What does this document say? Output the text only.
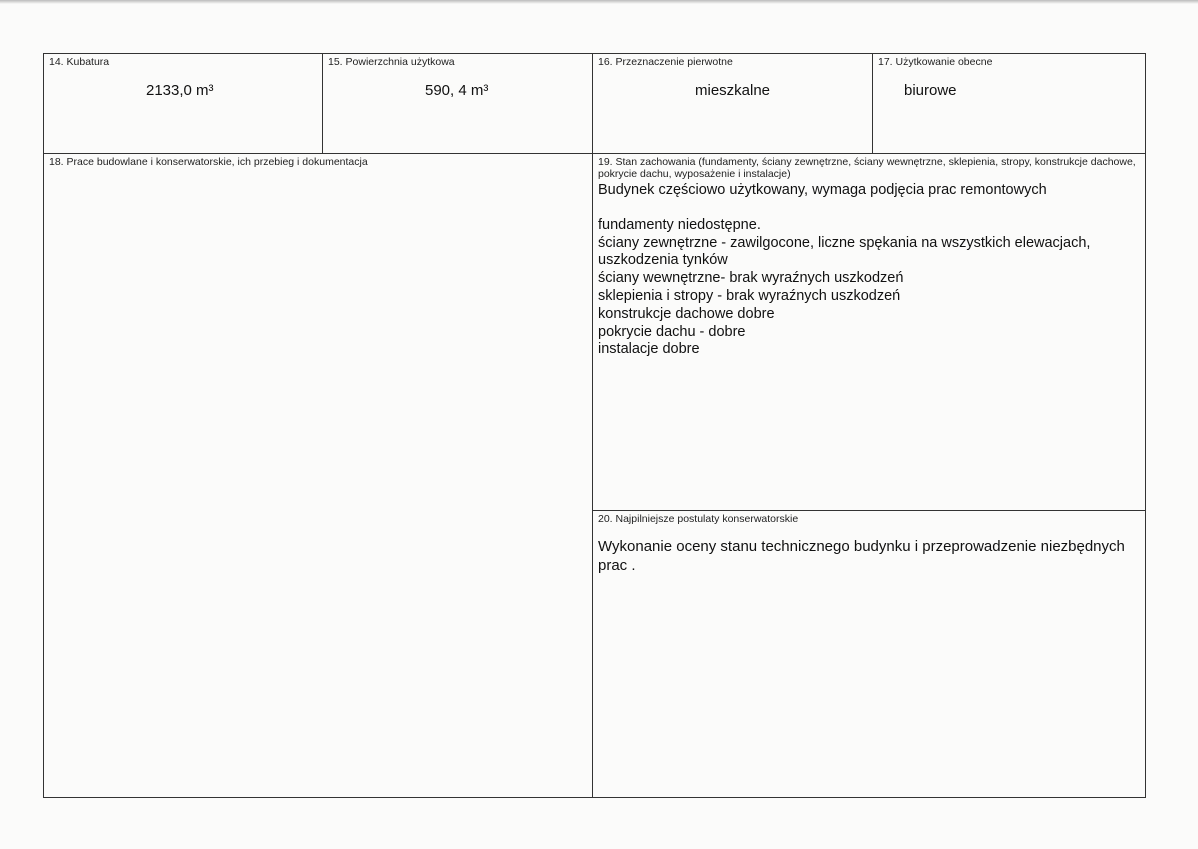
14. Kubatura
2133,0 m³
15. Powierzchnia użytkowa
590, 4 m³
16. Przeznaczenie pierwotne
mieszkalne
17. Użytkowanie obecne
biurowe
18. Prace budowlane i konserwatorskie, ich przebieg i dokumentacja	19. Stan zachowania (fundamenty, ściany zewnętrzne, ściany wewnętrzne, sklepienia, stropy, konstrukcje dachowe, pokrycie dachu, wyposażenie i instalacje)
Budynek częściowo użytkowany, wymaga podjęcia prac remontowych
fundamenty niedostępne.
ściany zewnętrzne - zawilgocone, liczne spękania na wszystkich elewacjach, uszkodzenia tynków
ściany wewnętrzne- brak wyraźnych uszkodzeń
sklepienia i stropy - brak wyraźnych uszkodzeń
konstrukcje dachowe dobre
pokrycie dachu - dobre
instalacje dobre
20. Najpilniejsze postulaty konserwatorskie
Wykonanie oceny stanu technicznego budynku i przeprowadzenie niezbędnych prac .
